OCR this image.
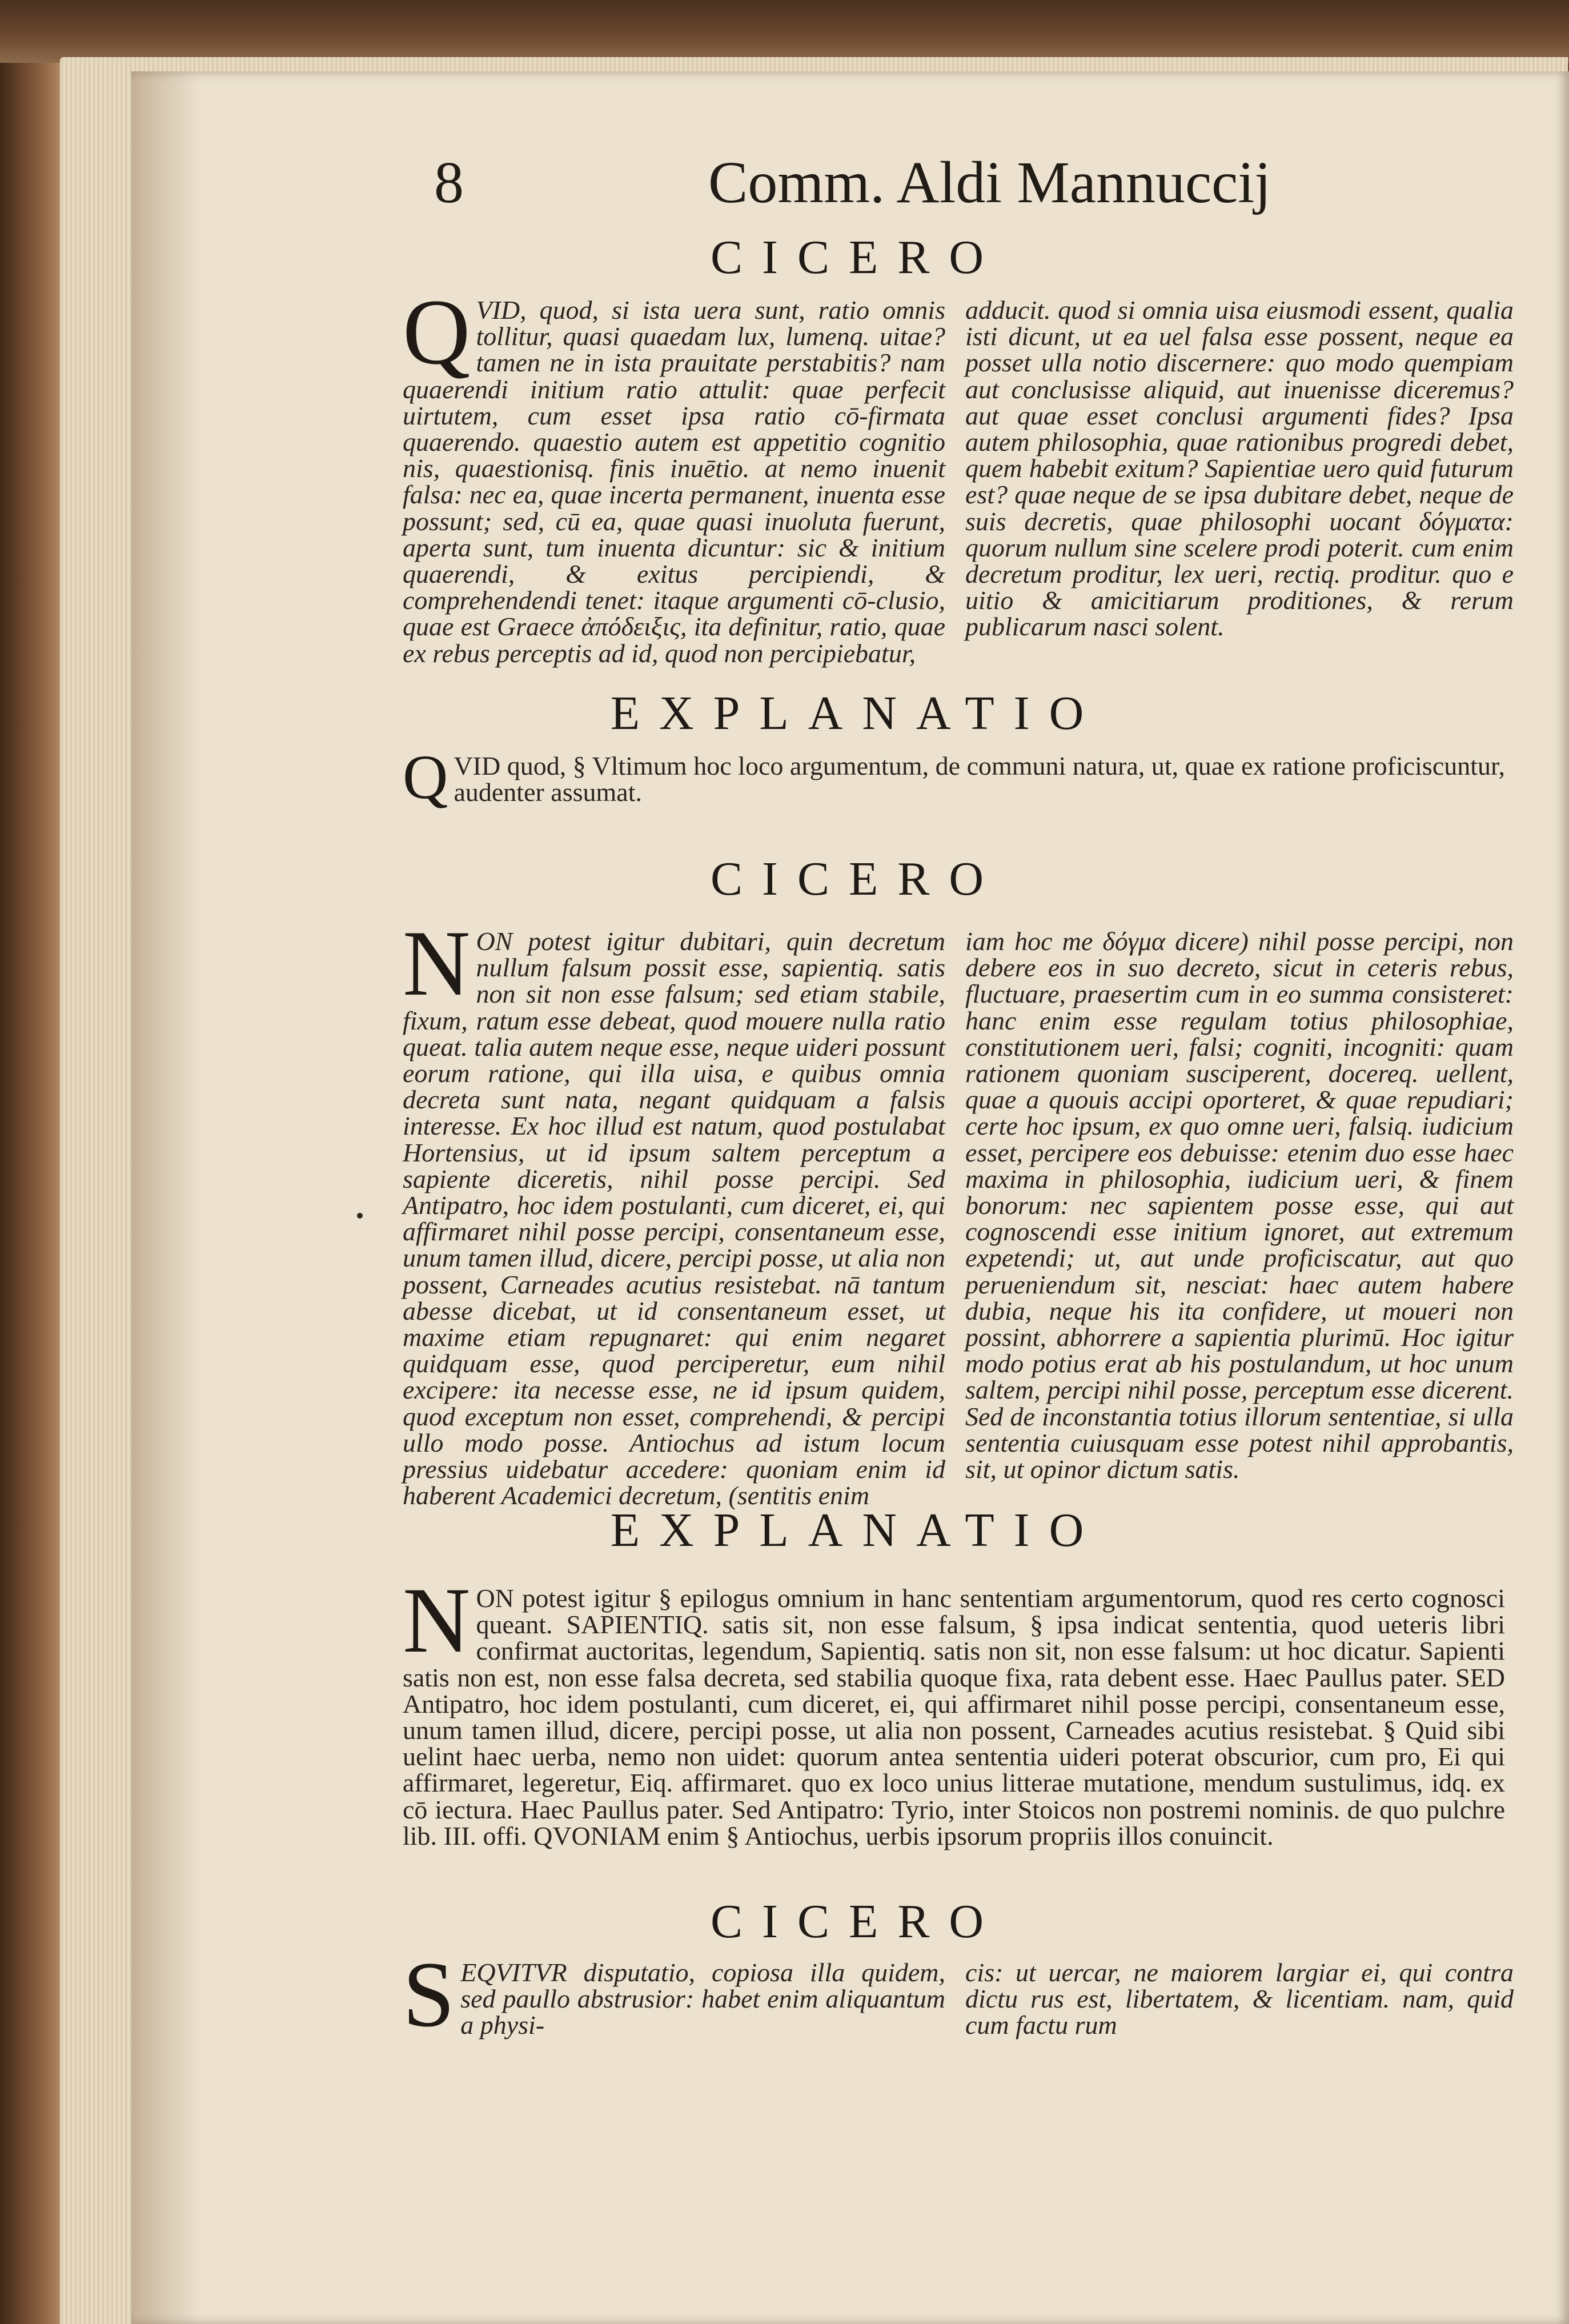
8	Comm. Aldi Mannuccij
CICERO
Q VID, quod, si ista uera sunt, ratio omnis tollitur, quasi quaedam lux, lumenq. uitae? tamen ne in ista prauitate perstabitis? nam quaerendi initium ratio attulit: quae perfecit uirtutem, cum esset ipsa ratio cō-firmata quaerendo. quaestio autem est appetitio cognitio nis, quaestionisq. finis inuētio. at nemo inuenit falsa: nec ea, quae incerta permanent, inuenta esse possunt; sed, cū ea, quae quasi inuoluta fuerunt, aperta sunt, tum inuenta dicuntur: sic & initium quaerendi, & exitus percipiendi, & comprehendendi tenet: itaque argumenti cō-clusio, quae est Graece ἀπόδειξις, ita definitur, ratio, quae ex rebus perceptis ad id, quod non percipiebatur,
adducit. quod si omnia uisa eiusmodi essent, qualia isti dicunt, ut ea uel falsa esse possent, neque ea posset ulla notio discernere: quo modo quempiam aut conclusisse aliquid, aut inuenisse diceremus? aut quae esset conclusi argumenti fides? Ipsa autem philosophia, quae rationibus progredi debet, quem habebit exitum? Sapientiae uero quid futurum est? quae neque de se ipsa dubitare debet, neque de suis decretis, quae philosophi uocant δόγματα: quorum nullum sine scelere prodi poterit. cum enim decretum proditur, lex ueri, rectiq. proditur. quo e uitio & amicitiarum proditiones, & rerum publicarum nasci solent.
EXPLANATIO
Q VID quod, § Vltimum hoc loco argumentum, de communi natura, ut, quae ex ratione proficiscuntur, audenter assumat.
CICERO
N ON potest igitur dubitari, quin decretum nullum falsum possit esse, sapientiq. satis non sit non esse falsum; sed etiam stabile, fixum, ratum esse debeat, quod mouere nulla ratio queat. talia autem neque esse, neque uideri possunt eorum ratione, qui illa uisa, e quibus omnia decreta sunt nata, negant quidquam a falsis interesse. Ex hoc illud est natum, quod postulabat Hortensius, ut id ipsum saltem perceptum a sapiente diceretis, nihil posse percipi. Sed Antipatro, hoc idem postulanti, cum diceret, ei, qui affirmaret nihil posse percipi, consentaneum esse, unum tamen illud, dicere, percipi posse, ut alia non possent, Carneades acutius resistebat. nā tantum abesse dicebat, ut id consentaneum esset, ut maxime etiam repugnaret: qui enim negaret quidquam esse, quod perciperetur, eum nihil excipere: ita necesse esse, ne id ipsum quidem, quod exceptum non esset, comprehendi, & percipi ullo modo posse. Antiochus ad istum locum pressius uidebatur accedere: quoniam enim id haberent Academici decretum, (sentitis enim
iam hoc me δόγμα dicere) nihil posse percipi, non debere eos in suo decreto, sicut in ceteris rebus, fluctuare, praesertim cum in eo summa consisteret: hanc enim esse regulam totius philosophiae, constitutionem ueri, falsi; cogniti, incogniti: quam rationem quoniam susciperent, docereq. uellent, quae a quouis accipi oporteret, & quae repudiari; certe hoc ipsum, ex quo omne ueri, falsiq. iudicium esset, percipere eos debuisse: etenim duo esse haec maxima in philosophia, iudicium ueri, & finem bonorum: nec sapientem posse esse, qui aut cognoscendi esse initium ignoret, aut extremum expetendi; ut, aut unde proficiscatur, aut quo perueniendum sit, nesciat: haec autem habere dubia, neque his ita confidere, ut moueri non possint, abhorrere a sapientia plurimū. Hoc igitur modo potius erat ab his postulandum, ut hoc unum saltem, percipi nihil posse, perceptum esse dicerent. Sed de inconstantia totius illorum sententiae, si ulla sententia cuiusquam esse potest nihil approbantis, sit, ut opinor dictum satis.
EXPLANATIO
N ON potest igitur § epilogus omnium in hanc sententiam argumentorum, quod res certo cognosci queant. SAPIENTIQ. satis sit, non esse falsum, § ipsa indicat sententia, quod ueteris libri confirmat auctoritas, legendum, Sapientiq. satis non sit, non esse falsum: ut hoc dicatur. Sapienti satis non est, non esse falsa decreta, sed stabilia quoque fixa, rata debent esse. Haec Paullus pater. SED Antipatro, hoc idem postulanti, cum diceret, ei, qui affirmaret nihil posse percipi, consentaneum esse, unum tamen illud, dicere, percipi posse, ut alia non possent, Carneades acutius resistebat. § Quid sibi uelint haec uerba, nemo non uidet: quorum antea sententia uideri poterat obscurior, cum pro, Ei qui affirmaret, legeretur, Eiq. affirmaret. quo ex loco unius litterae mutatione, mendum sustulimus, idq. ex cō iectura. Haec Paullus pater. Sed Antipatro: Tyrio, inter Stoicos non postremi nominis. de quo pulchre lib. III. offi. QVONIAM enim § Antiochus, uerbis ipsorum propriis illos conuincit.
CICERO
S EQVITVR disputatio, copiosa illa quidem, sed paullo abstrusior: habet enim aliquantum a physi-
cis: ut uercar, ne maiorem largiar ei, qui contra dictu rus est, libertatem, & licentiam. nam, quid cum factu rum
